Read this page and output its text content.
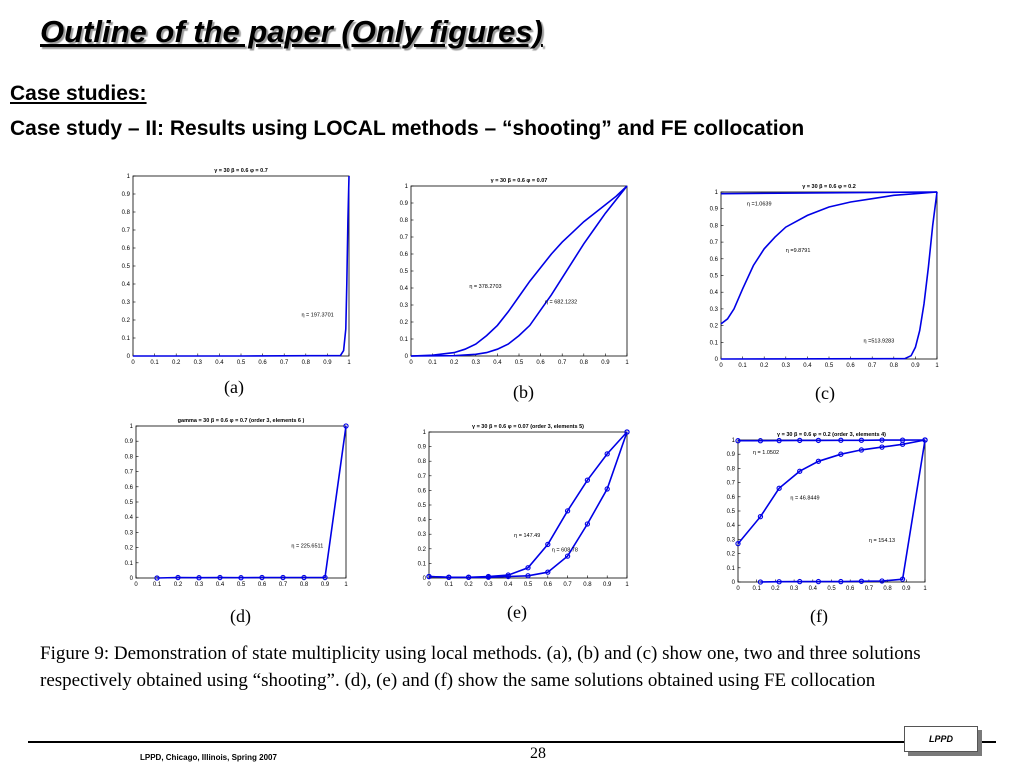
Outline of the paper (Only figures)
Case studies:
Case study – II: Results using LOCAL methods – “shooting” and FE collocation
γ = 30 β = 0.6 φ = 0.7
0	0.1 0.2 0.3 0.4 0.5 0.6 0.7 0.8 0.9	1
0
0.1
0.2
0.3
0.4
0.5
0.6
0.7
0.8
0.9
1
η = 197.3701
γ = 30 β = 0.6 φ = 0.07
0	0.1 0.2 0.3 0.4 0.5 0.6 0.7 0.8 0.9	1
0
0.1
0.2
0.3
0.4
0.5
0.6
0.7
0.8
0.9
1
η = 378.2703
η = 682.1232
γ = 30 β = 0.6 φ = 0.2
0	0.1 0.2 0.3 0.4 0.5 0.6 0.7 0.8 0.9	1
0
0.1
0.2
0.3
0.4
0.5
0.6
0.7
0.8
0.9
1
η =1.0639
η =9.8791
η =513.9283
gamma = 30 β = 0.6 φ = 0.7 (order 3, elements 6 )
0	0.1 0.2 0.3 0.4 0.5 0.6 0.7 0.8 0.9	1
0
0.1
0.2
0.3
0.4
0.5
0.6
0.7
0.8
0.9
1
η = 225.6511
γ = 30 β = 0.6 φ = 0.07 (order 3, elements 5)
0 0.1 0.2 0.3 0.4 0.5 0.6 0.7 0.8 0.9 1
0
0.1
0.2
0.3
0.4
0.5
0.6
0.7
0.8
0.9
1
η = 147.49
η = 608.78
γ = 30 β = 0.6 φ = 0.2 (order 3, elements 4)
0 0.1 0.2 0.3 0.4 0.5 0.6 0.7 0.8 0.9 1
0
0.1
0.2
0.3
0.4
0.5
0.6
0.7
0.8
0.9
1
η = 1.0502
η = 46.8449
η = 154.13
(a)	(b)	(c)
(d)	(e)	(f)
Figure 9: Demonstration of state multiplicity using local methods. (a), (b) and (c) show one, two and three solutions respectively obtained using “shooting”. (d), (e) and (f) show the same solutions obtained using FE collocation
LPPD, Chicago, Illinois, Spring 2007	28
LPPD
